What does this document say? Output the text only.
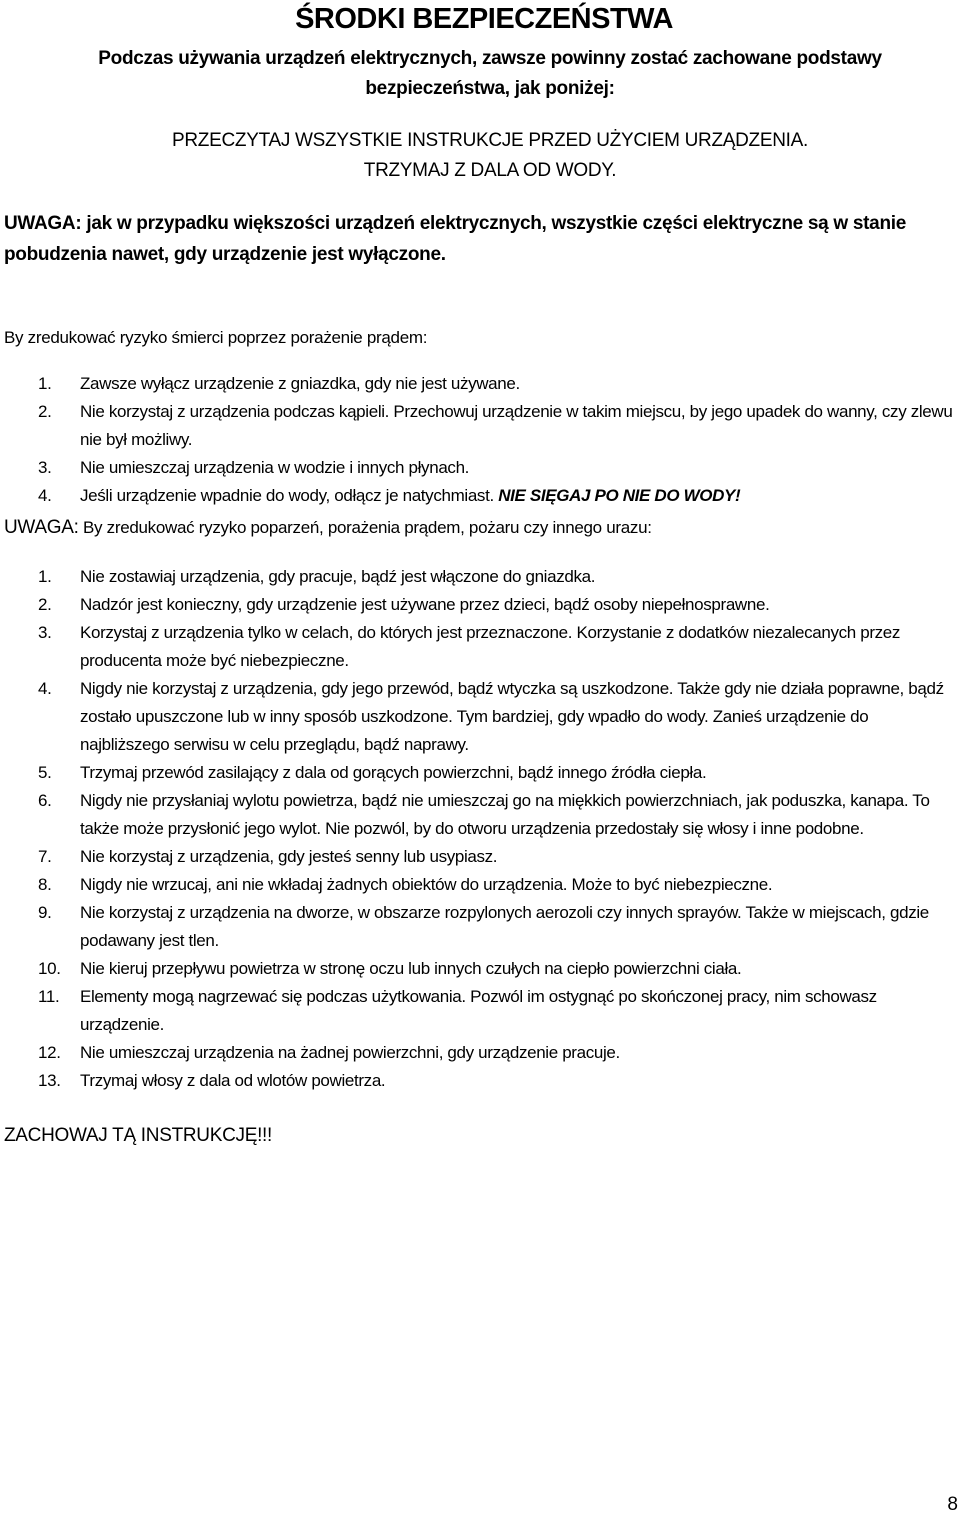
ŚRODKI BEZPIECZEŃSTWA
Podczas używania urządzeń elektrycznych, zawsze powinny zostać zachowane podstawy bezpieczeństwa, jak poniżej:
PRZECZYTAJ WSZYSTKIE INSTRUKCJE PRZED UŻYCIEM URZĄDZENIA.
TRZYMAJ Z DALA OD WODY.
UWAGA: jak w przypadku większości urządzeń elektrycznych, wszystkie części elektryczne są w stanie pobudzenia nawet, gdy urządzenie jest wyłączone.
By zredukować ryzyko śmierci poprzez porażenie prądem:
1. Zawsze wyłącz urządzenie z gniazdka, gdy nie jest używane.
2. Nie korzystaj z urządzenia podczas kąpieli. Przechowuj urządzenie w takim miejscu, by jego upadek do wanny, czy zlewu nie był możliwy.
3. Nie umieszczaj urządzenia w wodzie i innych płynach.
4. Jeśli urządzenie wpadnie do wody, odłącz je natychmiast. NIE SIĘGAJ PO NIE DO WODY!
UWAGA: By zredukować ryzyko poparzeń, porażenia prądem, pożaru czy innego urazu:
1. Nie zostawiaj urządzenia, gdy pracuje, bądź jest włączone do gniazdka.
2. Nadzór jest konieczny, gdy urządzenie jest używane przez dzieci, bądź osoby niepełnosprawne.
3. Korzystaj z urządzenia tylko w celach, do których jest przeznaczone. Korzystanie z dodatków niezalecanych przez producenta może być niebezpieczne.
4. Nigdy nie korzystaj z urządzenia, gdy jego przewód, bądź wtyczka są uszkodzone. Także gdy nie działa poprawne, bądź zostało upuszczone lub w inny sposób uszkodzone. Tym bardziej, gdy wpadło do wody. Zanieś urządzenie do najbliższego serwisu w celu przeglądu, bądź naprawy.
5. Trzymaj przewód zasilający z dala od gorących powierzchni, bądź innego źródła ciepła.
6. Nigdy nie przysłaniaj wylotu powietrza, bądź nie umieszczaj go na miękkich powierzchniach, jak poduszka, kanapa. To także może przysłonić jego wylot. Nie pozwól, by do otworu urządzenia przedostały się włosy i inne podobne.
7. Nie korzystaj z urządzenia, gdy jesteś senny lub usypiasz.
8. Nigdy nie wrzucaj, ani nie wkładaj żadnych obiektów do urządzenia. Może to być niebezpieczne.
9. Nie korzystaj z urządzenia na dworze, w obszarze rozpylonych aerozoli czy innych sprayów. Także w miejscach, gdzie podawany jest tlen.
10. Nie kieruj przepływu powietrza w stronę oczu lub innych czułych na ciepło powierzchni ciała.
11. Elementy mogą nagrzewać się podczas użytkowania. Pozwól im ostygnąć po skończonej pracy, nim schowasz urządzenie.
12. Nie umieszczaj urządzenia na żadnej powierzchni, gdy urządzenie pracuje.
13. Trzymaj włosy z dala od wlotów powietrza.
ZACHOWAJ TĄ INSTRUKCJĘ!!!
8
